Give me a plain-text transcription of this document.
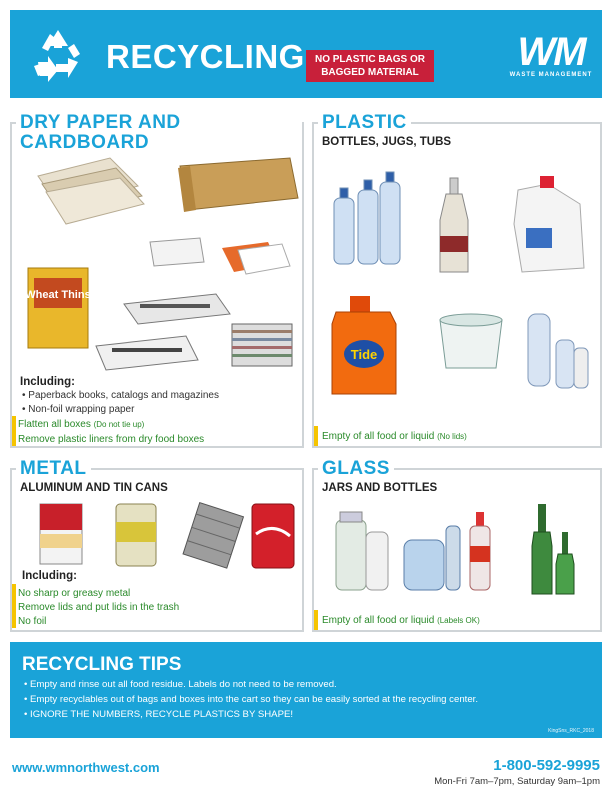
RECYCLING	NO PLASTIC BAGS OR BAGGED MATERIAL	WM
WASTE MANAGEMENT
DRY PAPER AND CARDBOARD
Wheat Thins
Including:
• Paperback books, catalogs and magazines
• Non-foil wrapping paper
Flatten all boxes (Do not tie up)
Remove plastic liners from dry food boxes
PLASTIC
BOTTLES, JUGS, TUBS
Tide
Empty of all food or liquid (No lids)
METAL
ALUMINUM AND TIN CANS
Including:
No sharp or greasy metal
Remove lids and put lids in the trash
No foil
GLASS
JARS AND BOTTLES
Empty of all food or liquid (Labels OK)
RECYCLING TIPS
• Empty and rinse out all food residue. Labels do not need to be removed.
• Empty recyclables out of bags and boxes into the cart so they can be easily sorted at the recycling center.
• IGNORE THE NUMBERS, RECYCLE PLASTICS BY SHAPE!
KingSns_RKC_2018
www.wmnorthwest.com	1-800-592-9995
Mon-Fri 7am–7pm, Saturday 9am–1pm
